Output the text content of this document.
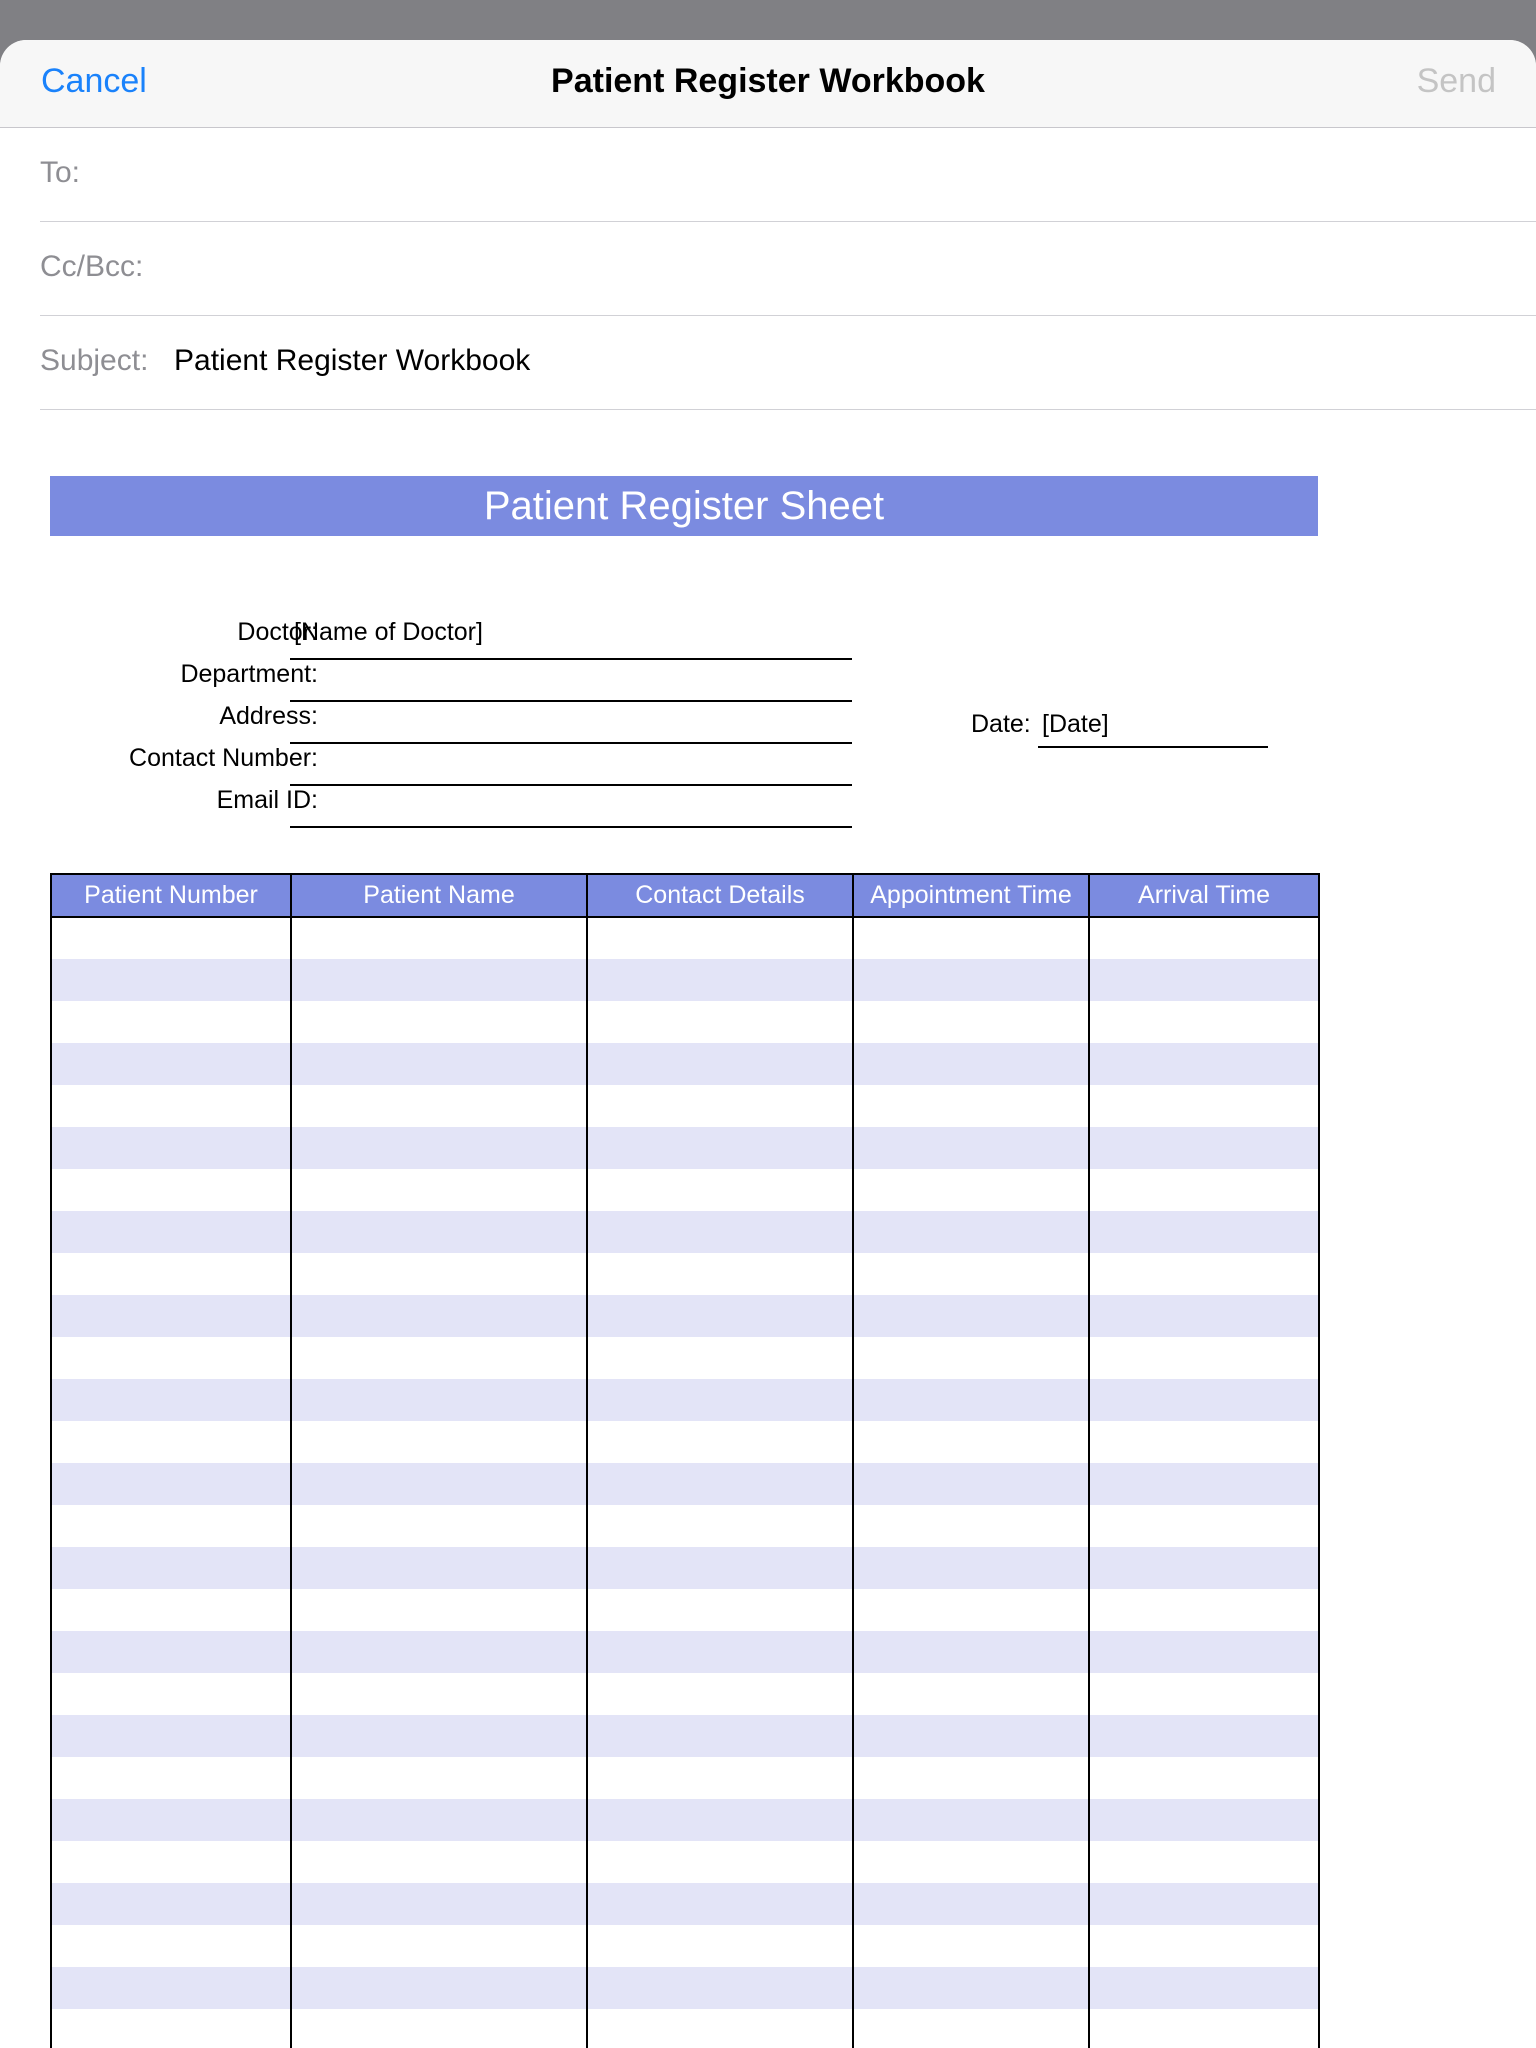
Cancel	Patient Register Workbook	Send
To:
Cc/Bcc:
Subject: Patient Register Workbook
Patient Register Sheet
Doctor:
[Name of Doctor]
Department:
Address:
Contact Number:
Email ID:
Date: [Date]
Patient Number	Patient Name	Contact Details	Appointment Time	Arrival Time
